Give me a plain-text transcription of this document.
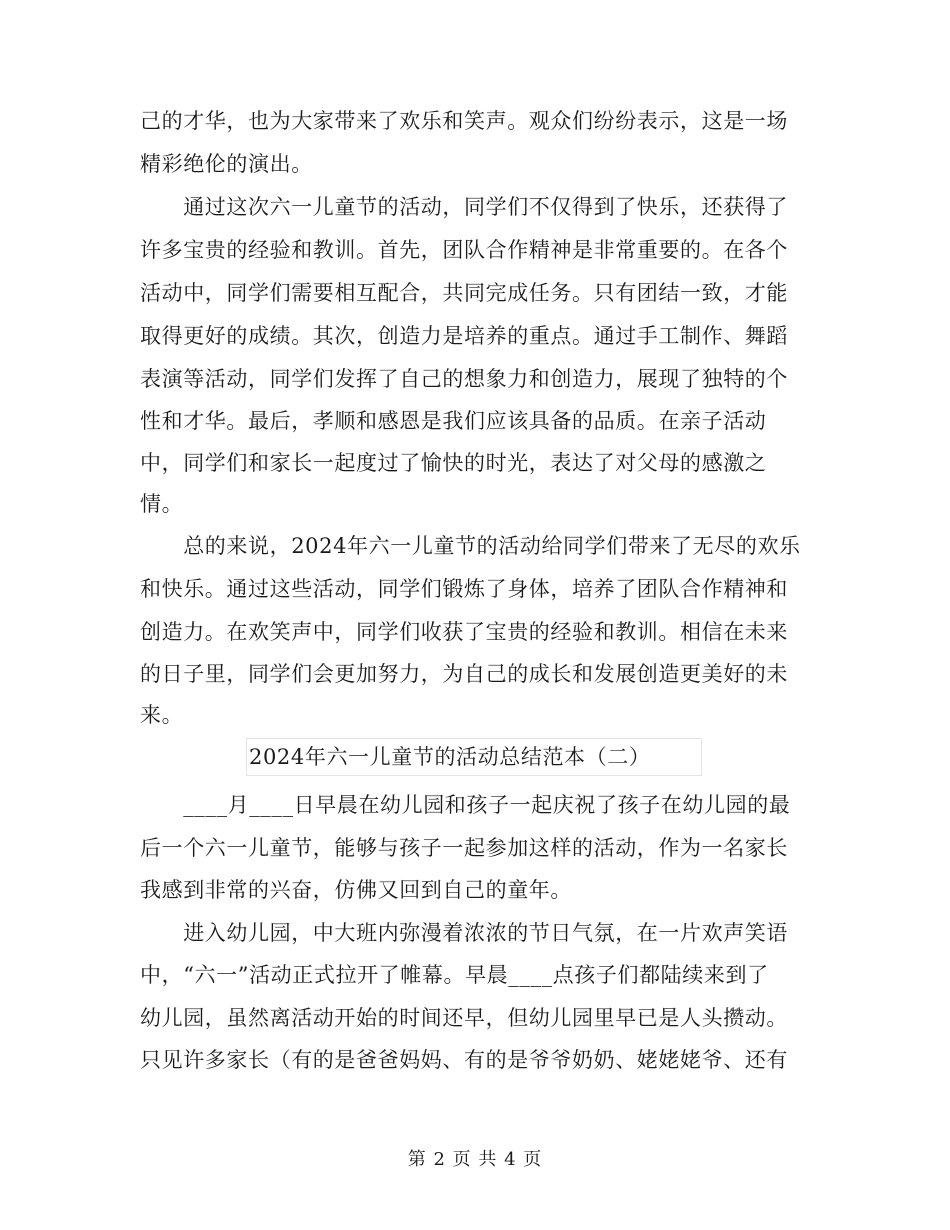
己的才华，也为大家带来了欢乐和笑声。观众们纷纷表示，这是一场
精彩绝伦的演出。
　　通过这次六一儿童节的活动，同学们不仅得到了快乐，还获得了
许多宝贵的经验和教训。首先，团队合作精神是非常重要的。在各个
活动中，同学们需要相互配合，共同完成任务。只有团结一致，才能
取得更好的成绩。其次，创造力是培养的重点。通过手工制作、舞蹈
表演等活动，同学们发挥了自己的想象力和创造力，展现了独特的个
性和才华。最后，孝顺和感恩是我们应该具备的品质。在亲子活动
中，同学们和家长一起度过了愉快的时光，表达了对父母的感激之
情。
　　总的来说，2024年六一儿童节的活动给同学们带来了无尽的欢乐
和快乐。通过这些活动，同学们锻炼了身体，培养了团队合作精神和
创造力。在欢笑声中，同学们收获了宝贵的经验和教训。相信在未来
的日子里，同学们会更加努力，为自己的成长和发展创造更美好的未
来。
2024年六一儿童节的活动总结范本（二）
　　____月____日早晨在幼儿园和孩子一起庆祝了孩子在幼儿园的最
后一个六一儿童节，能够与孩子一起参加这样的活动，作为一名家长
我感到非常的兴奋，仿佛又回到自己的童年。
　　进入幼儿园，中大班内弥漫着浓浓的节日气氛，在一片欢声笑语
中，“六一”活动正式拉开了帷幕。早晨____点孩子们都陆续来到了
幼儿园，虽然离活动开始的时间还早，但幼儿园里早已是人头攒动。
只见许多家长（有的是爸爸妈妈、有的是爷爷奶奶、姥姥姥爷、还有
第 2 页 共 4 页
